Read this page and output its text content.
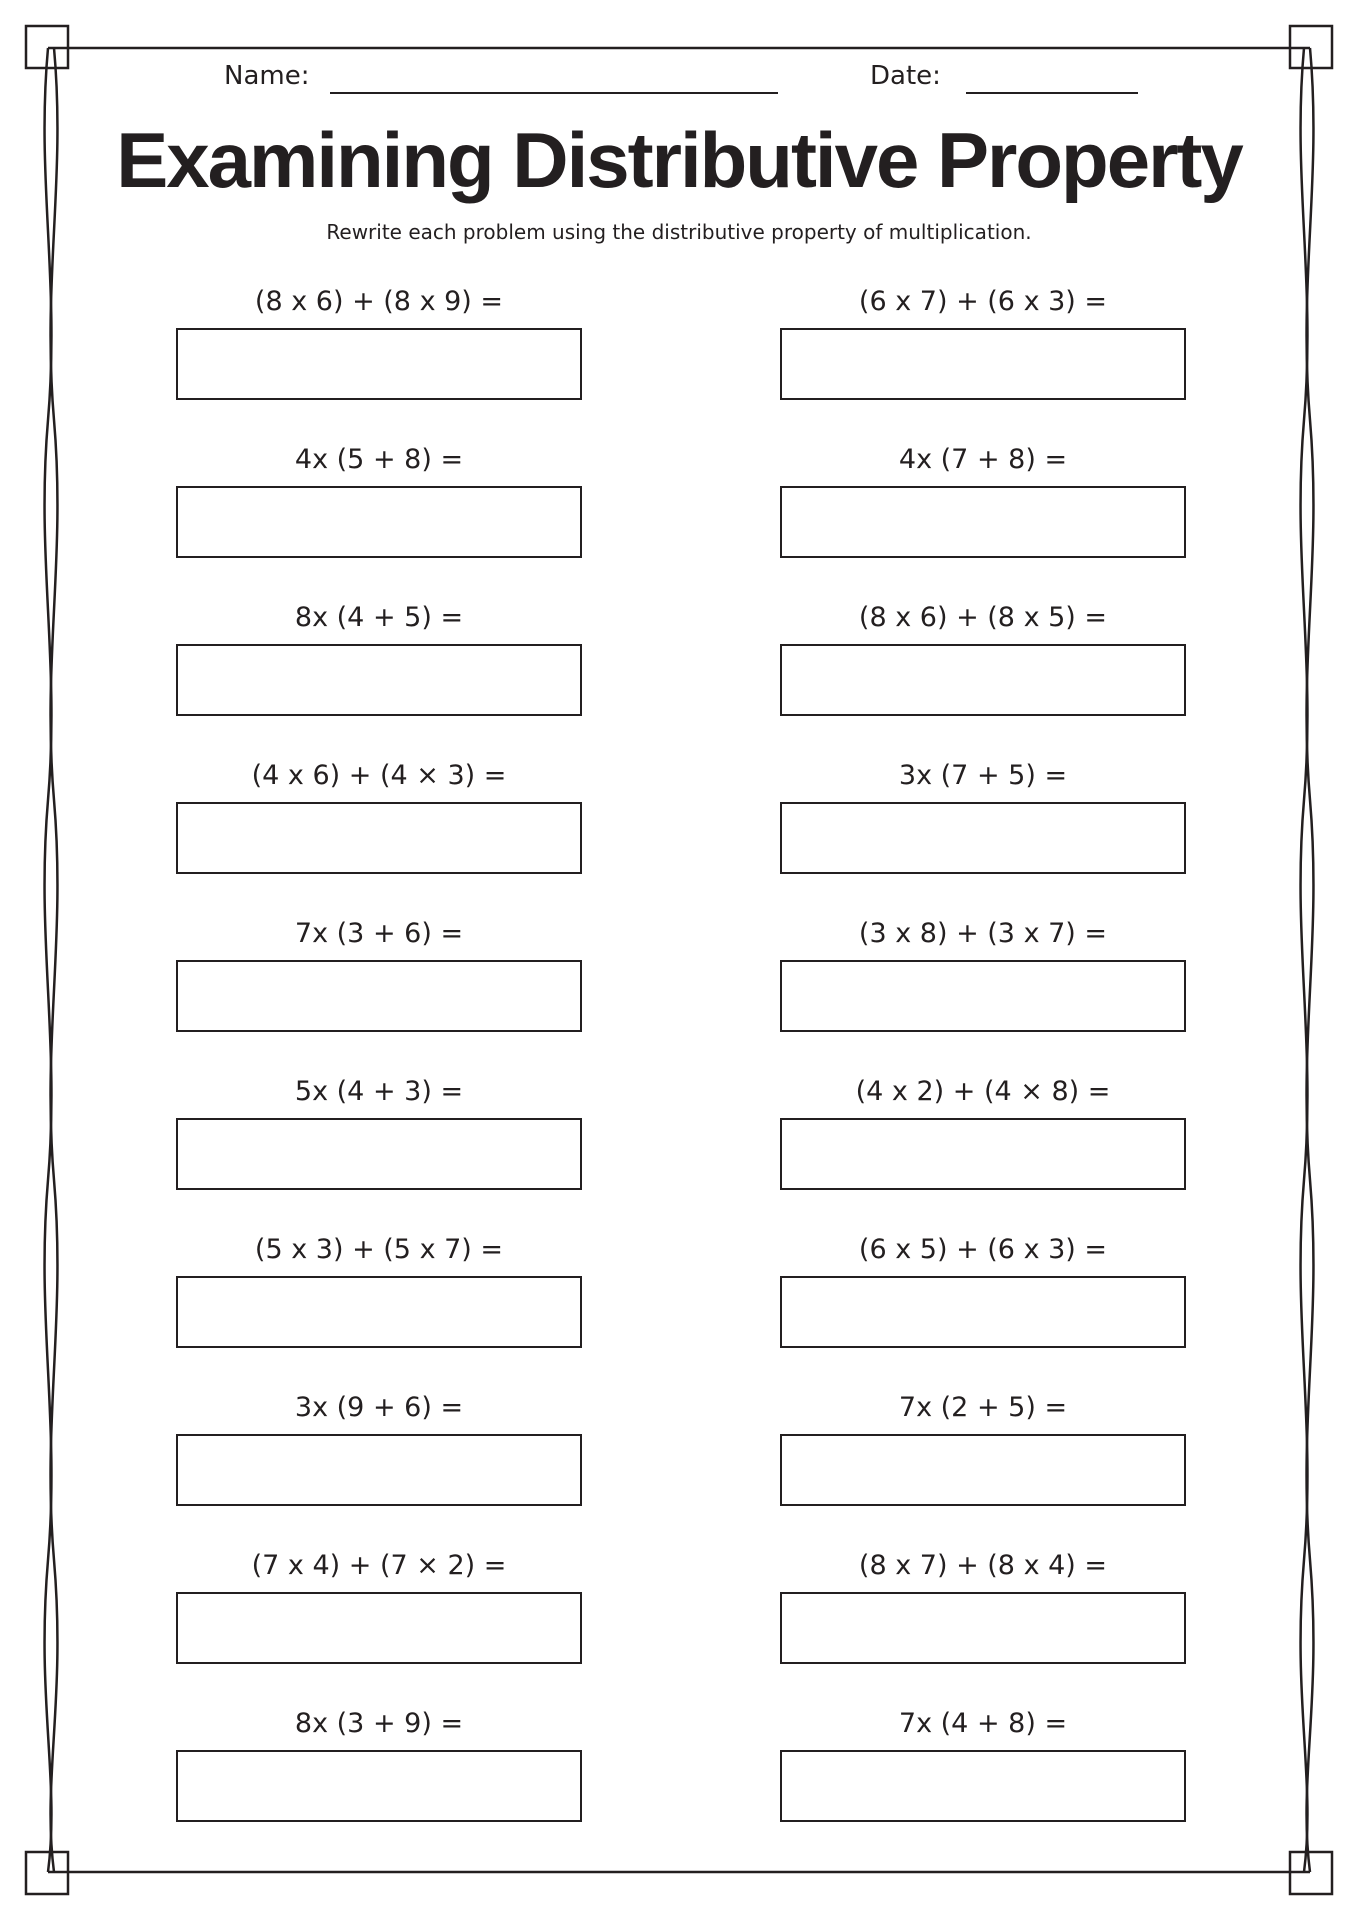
Name:	Date:
Examining Distributive Property
Rewrite each problem using the distributive property of multiplication.
(8 x 6) + (8 x 9) =	(6 x 7) + (6 x 3) =
4x (5 + 8) =	4x (7 + 8) =
8x (4 + 5) =	(8 x 6) + (8 x 5) =
(4 x 6) + (4 × 3) =	3x (7 + 5) =
7x (3 + 6) =	(3 x 8) + (3 x 7) =
5x (4 + 3) =	(4 x 2) + (4 × 8) =
(5 x 3) + (5 x 7) =	(6 x 5) + (6 x 3) =
3x (9 + 6) =	7x (2 + 5) =
(7 x 4) + (7 × 2) =	(8 x 7) + (8 x 4) =
8x (3 + 9) =	7x (4 + 8) =
